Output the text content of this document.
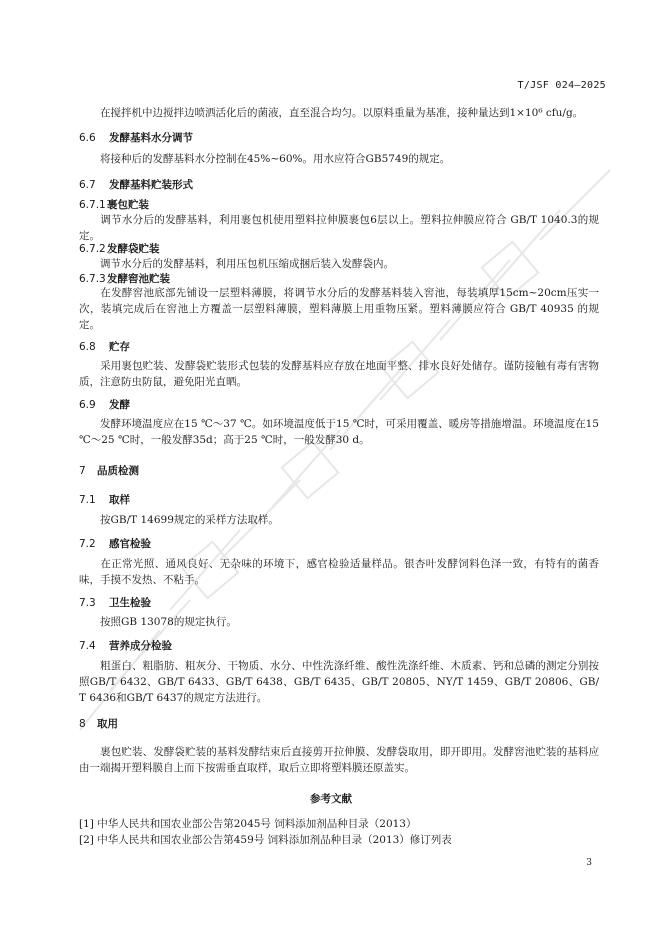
T/JSF 024—2025
在搅拌机中边搅拌边喷洒活化后的菌液，直至混合均匀。以原料重量为基准，接种量达到1×10⁶ cfu/g。
6.6 发酵基料水分调节
将接种后的发酵基料水分控制在45%~60%。用水应符合GB5749的规定。
6.7 发酵基料贮装形式
6.7.1裹包贮装
调节水分后的发酵基料，利用裹包机使用塑料拉伸膜裹包6层以上。塑料拉伸膜应符合 GB/T 1040.3的规定。
6.7.2发酵袋贮装
调节水分后的发酵基料，利用压包机压缩成捆后装入发酵袋内。
6.7.3发酵窖池贮装
在发酵窖池底部先铺设一层塑料薄膜，将调节水分后的发酵基料装入窖池，每装填厚15cm~20cm压实一次，装填完成后在窖池上方覆盖一层塑料薄膜，塑料薄膜上用重物压紧。塑料薄膜应符合 GB/T 40935 的规定。
6.8 贮存
采用裹包贮装、发酵袋贮装形式包装的发酵基料应存放在地面平整、排水良好处储存。谨防接触有毒有害物质，注意防虫防鼠，避免阳光直晒。
6.9 发酵
发酵环境温度应在15 ℃～37 ℃。如环境温度低于15 ℃时，可采用覆盖、暖房等措施增温。环境温度在15 ℃～25 ℃时，一般发酵35d；高于25 ℃时，一般发酵30 d。
7 品质检测
7.1 取样
按GB/T 14699规定的采样方法取样。
7.2 感官检验
在正常光照、通风良好、无杂味的环境下，感官检验适量样品。银杏叶发酵饲料色泽一致，有特有的菌香味，手摸不发热、不粘手。
7.3 卫生检验
按照GB 13078的规定执行。
7.4 营养成分检验
粗蛋白、粗脂肪、粗灰分、干物质、水分、中性洗涤纤维、酸性洗涤纤维、木质素、钙和总磷的测定分别按照GB/T 6432、GB/T 6433、GB/T 6438、GB/T 6435、GB/T 20805、NY/T 1459、GB/T 20806、GB/T 6436和GB/T 6437的规定方法进行。
8 取用
裹包贮装、发酵袋贮装的基料发酵结束后直接剪开拉伸膜、发酵袋取用，即开即用。发酵窖池贮装的基料应由一端揭开塑料膜自上而下按需垂直取样，取后立即将塑料膜还原盖实。
参考文献
[1] 中华人民共和国农业部公告第2045号 饲料添加剂品种目录（2013）
[2] 中华人民共和国农业部公告第459号 饲料添加剂品种目录（2013）修订列表
3
